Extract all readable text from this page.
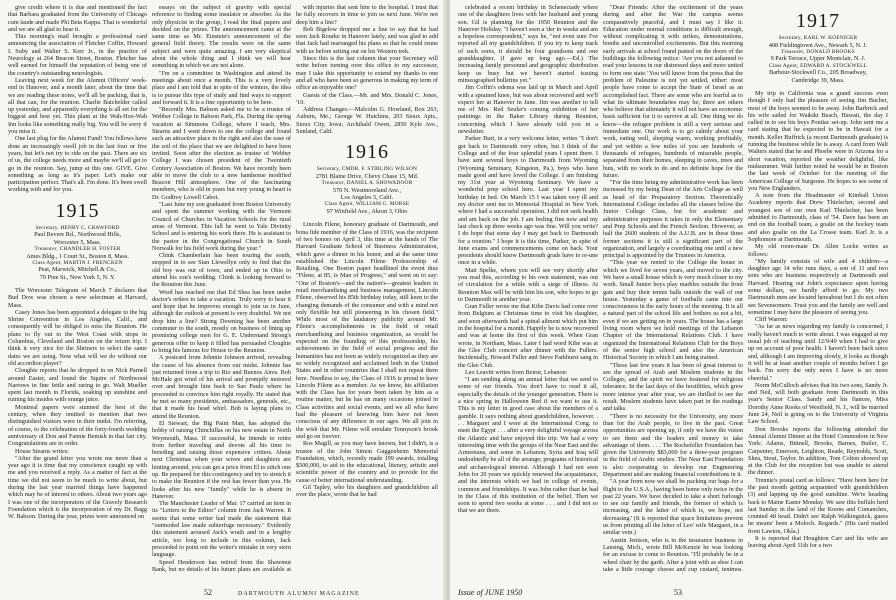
give credit where it is due and mentioned the fact that Barbara graduated from the University of Chicago cum laude and made Phi Beta Kappa. That is wonderful and we are all glad to hear it.

This morning's mail brought a professional card announcing the association of Fletcher Coffin, Howard I. Suby and Walter S. Kerr Jr., in the practice of Neurology at 264 Beacon Street, Boston. Fletcher has well earned for himself the reputation of being one of the country's outstanding neurologists.

Leaving next week for the Alumni Officers' week-end in Hanover, and a month later, about the time that we are reading these notes, we'll all be packing, that is, all that can, for the reunion. Charlie Batchelder called up yesterday, and apparently everything is all set for the biggest and best yet. This plant at the Wah-Hoo-Wah Inn looks like something really big. You will be sorry if you miss it.

One last plug for the Alumni Fund! You fellows have done an increasingly swell job in the last four or five years, but let's not try to ride on the past. There are six of us, the college needs more and maybe we'll all get to go in the reunion. Say, jump at this one. GIVE. Give something as long as it's paper. Let's make our participation perfect. That's all. I'm done. It's been swell working with and for you.

1915
Secretary, HENRY C. CRAWFORD
Paul Revere Rd., Northwood Hills,
Worcester 5, Mass.
Treasurer, CHANDLER H. FOSTER
Ames Bldg., 1 Court St., Boston 8, Mass.
Class Agent, MARTIN J. FRENCKEN
Peat, Marwick, Mitchell & Co.,
70 Pine St., New York 5, N. Y.

The Worcester Telegram of March 7 declares that Bud Dow was chosen a new selectman at Harvard, Mass.

Casey Jones has been appointed a delegate to the big Shrine Convention in Los Angeles, Calif., and consequently will be obliged to miss the Reunion. He plans to fly out to the West Coast with stops in Columbus, Cleveland and Boston on the return trip. I think it very nice for the Shriners to select the same dates we are using. Now what will we do without our old accordion player?

Cloughie reports that he dropped in on Nick Parnell around Easter, and found the Squire of Northwood Narrows in fine fettle and raring to go. Walt Mueller spent last month in Florida, soaking up sunshine and ruining his insides with orange juice.

Montreal papers were stunned the best of the century, when they omitted to mention that two distinguished visitors were in their midst. I'm referring, of course, to the celebration of the forty-fourth wedding anniversary of Don and Fannie Bemish in that fair city. Congratulations are in order.

House Stearns writes:

"After the grand letter you wrote me more than a year ago it is time that my conscience caught up with me and you received a reply. As a matter of fact at the time we did not seem to be much to write about, but during the last year married things have happened which may be of interest to others. About two years ago I was one of the incorporators of the Gravely Research Foundation which is the incorporation of my Dr. Bagg W. Babson. During the year, prizes were announced on

essays on the subject of gravity with special reference to finding some insulator or absorber. As the only physicist in the group, I read the final papers and decided on the prizes. The announcement came at the same time as Mr. Einstein's announcement of the general field theory. The results were on the same subject and were quite amazing. I am very skeptical about the whole thing and I think we will hear something in which we are not alone.

"I'm on a committee in Washington and attend its meetings about once a month. This is a very lovely place and I am told that in spite of the winters, the idea is to pursue this type of study and find ways to support and forward it. It is a fine opportunity to be here.

"Recently Mrs. Babson asked me to be a trustee of Webber College in Babson Park, Fla. During the spring vacation at Simmons College, where I teach, Mrs. Stearns and I went down to see the college and found such an attractive place in the right and also the ease of the soil of the place that we are delighted to have been invited. Soon after the election as trustee of Webber College I was chosen president of the Twentieth Century Association of Boston. We have recently been able to move the club to a new handsome modified Beacon Hill atmosphere. One of the fascinating members, who is old in years but very young in heart is Dr. Godfrey Lowell Cabot.

"Last June my son graduated from Boston University and spent the summer working with the Vermont Council of Churches in Vacation Schools for the rural areas of Vermont. This fall he went to Yale Divinity School and is entering his work there. He is assistant to the pastor in the Congregational Church in South Norwalk for his field work during the year."

Chink Chamberlain has been touring the south, stopped in to see Stan Llewellyn only to find that the old boy was out of town, and ended up in Ohio to attend his son's wedding. Chink is looking forward to the Reunion this June.

Word has reached me that Ed Shea has been under doctor's orders to take a vacation. Truly sorry to hear it and hope that he improves enough to join us in June, although the outlook at present is very doubtful. We not drop him a line? Strong Downing has been another commuter to the south, mostly on business of lining up promising college men for G. E. Understand Strong's generous offer to keep it filled has persuaded Cloughie to bring his famous Ice House to the Reunion.

A postcard from Johnnie Johnson arrived, revealing the cause of his absence from our midst. Johnnie has just returned from a trip to Rio and Buenos Aires. Bob McHale got wind of his arrival and promptly motored over and brought him back to Sao Paulo where he proceeded to convince him right royally. He stated that he met so many presidents, ambassadors, generals, etc., that it made his head whirl. Bob is laying plans to attend the Reunion.

El Stewart, the Big Paint Man, has adopted the hobby of raising Chinchillas on his new estate in North Weymouth, Mass. If successful, he intends to retire from further traveling and devote all his time to breeding and raising those expensive critters. About next Christmas when your wives and daughters are hinting around, you can get a price from El to stitch one up. Be prepared for this contingency and try to stretch it to make the Reunion if the rest has fewer than you. He looks after his new "family" while he is absent in Hanover.

The Manchester Leader of Mar. 17 carried an item in its "Letters to the Editor" column from Jack Warren. It seems that some writer had made the statement that "outmoded law made subterfuge necessary." Evidently this statement aroused Jack's wrath and in a lengthy article, too long to include in this column, Jack proceeded to point out the writer's mistake in very stern language.

Speed Henderson has retired from the Shawmut Bank, but no details of his future plans are available at

with injuries that sent him to the hospital. I trust that he fully recovers in time to join us next June. We're not deep him a line?

Bob Bigelow dropped me a line to say that he had seen Jack Rourke in Hanover lately, and was glad to add that Jack had rearranged his plans so that he could reune with us before setting out on his Western trek.

Since this is the last column that your Secretary will write before turning over this office to my successor, may I take this opportunity to extend my thanks to one and all who have been so generous in making my term of office an enjoyable one?

Guests of the Class.—Mr. and Mrs. Donald C. Jones, '10.

Address Changes:—Malcolm G. Howland, Box 263, Auburn, Me.; George W. Hutchins, 203 Sioux Apts., Sioux City, Iowa; Archibald Owen, 2850 Kyle Ave., Sunland, Calif.

1916
Secretary, CMDR. F. STIRLING WILSON
2781 Blaine Drive, Chevy Chase 15, Md.
Treasurer, DANIEL A. SHOWADOOR
570 N. Westmoreland Ave.,
Los Angeles 5, Calif.
Class Agent, WILLIAM G. MORSE
97 Winfield Ave., Akron 3, Ohio

Lincoln Filene, honorary graduate of Dartmouth, and bona fide member of the Class of 1916, was the recipient of two honors on April 3, this time at the hands of The Harvard Graduate School of Business Administration, which gave a dinner in his honor, and at the same time established the Lincoln Filene Professorship of Retailing. One Boston paper headlined the event thus "Filene, at 85, is Man of Progress," and went on to say: "One of Boston's—and the nation's—greatest leaders in retail merchandising and business management, Lincoln Filene, observed his 85th birthday today, still keen to the changing demands of the consumer and with a mind not only flexible but still pioneering in his chosen field." While most of the laudatory publicity around Mr. Filene's accomplishments in the field of retail merchandising and business organization, as would be expected on the founding of this professorship, his achievements in the field of social progress and the humanities has not been as widely recognized as they are so widely recognized and acclaimed both in the United States and in other countries that I shall not repeat them here. Needless to say, the Class of 1916 is proud to have Lincoln Filene as a member. As we know, his affiliation with the Class has for years been taken by him as a routine matter, but he has on many occasions joined in Class activities and social events, and we all who have had the pleasure of knowing him have not been conscious of any difference in our ages. We all join in the wish that Mr. Filene will emulate Tennyson's brook and go on forever.

Ros Magill, as you may have known, but I didn't, is a trustee of the John Simon Guggenheim Memorial Foundation, which, recently made 199 awards, totalling $500,000, to aid to the educational, literary, artistic and scientific power of the country and to provide for the cause of better international understanding.

Gil Tapley, who his daughters and grandchildren all over the place, wrote that he had

52	DARTMOUTH ALUMNI MAGAZINE

celebrated a recent birthday in Schenectady where one of the daughters lives with her husband and young son. Gil is planning for the 1950 Reunion and the Hanover Holiday. "I haven't seen a 'der in weeks and am a hopeless correspondent," says he, "not even sure I've reported all my grandchildren. If you try to keep track of such sores, it should be four grandsons and one granddaughter. (I gave up long ago.—Ed.) The increasing family personnel and geographic distribution keep us busy but we haven't started issuing mimeographed bulletins yet."

Jim Coffin's edema was laid up in March and April with a sprained knee, but was about recovered and we'll expect her at Hanover in June. Jim was another to tell me of Mrs. Red Seuler's coming exhibition of her paintings in the Baker Library during Reunion, concerning which I have already told you in a newsletter.

Parker Burt, in a very welcome letter, writes "I don't get back to Dartmouth very often, but I think of the College and of the four splendid years I spent there. I have sent several boys to Dartmouth from Wyoming (Wyoming Seminary, Kingston, Pa.), boys who have made good and have loved the College. I am finishing my 31st year at Wyoming Seminary. We have a wonderful prep school here. Last year I spent my birthday in bed. On March 15 I was taken very ill and my doctor sent me to Memorial Hospital in New York where I had a successful operation. I did not seek health and am back on the job. I am feeling fine now and my last check up three weeks ago was fine. Will you write? I do hope that some day I may get back to Dartmouth for a reunion." I hope it is this time, Parker, in spite of June exams and commencements come on back. Your presidents should know Dartmouth grads have to re-une once in a while.

Matt Spelke, whom you will see very shortly after you read this, according to his own statement, was out of circulation for a while with a siege of illness. At Reunion Max will be with him his son, who hopes to go to Dartmouth in another year.

Gran Fuller wrote me that Kibe Davis had come over from Belgium at Christmas time to visit his daughter, and soon afterwards had a spinal ailment which put him in the hospital for a month. Happily he is now recovered and was at home the first of this week. When Gran wrote, in Northam, Mass. Later I had word Kibe was at the Glee Club concert after dinner with the Fullers. Incidentally, Howard Fuller and Steve Parkhurst sang in the Glee Club.

Leo Leavitt writes from Beirut, Lebanon:

"I am sending along an annual letter that we send to some of our friends. You don't have to read it all, especially the details of the younger generation. There is a nice spring in Halloween Red if we want to use it. This is my letter in good case about the members of a gamble. It says nothing about grandchildren, however. . . . Margaret and I were at the International Cong. to meet the Egypt . . . after a very delightful voyage across the Atlantic and have enjoyed this trip. We had a very interesting time with the groups of the Near East and the Armenians, and some in Lebanon, Syria and Iraq will undoubtedly be all of the arrange; programs of historical and archaeological interest. Although I had not seen John for 20 years we quickly renewed the acquaintance, and the interests which we had in college of events, common and friendships. It was John rather than he had in the Class of this institution of the belief. Then we soon to spend two weeks at some . . . and I did not so that we are there.

"Dear Friends: After the excitement of the years during and after the War the campus seems comparatively peaceful, and I must say I like it. Education under normal conditions is difficult enough, without complicating it with strikes, demonstrations, bombs and uncontrolled excitements. But this morning early arrivals at school found pasted on the doors of the buildings the following notice: 'Are you not ashamed to read your lessons in our distressed days and more united to form one state.' You will know from the press that the problem of Palestine is not yet settled, either: most people have come to accept the State of Israel as an accomplished fact. There are some who are fearful as to what its ultimate boundaries may be; there are others who believe that ultimately it will not have an economic basis sufficient for it to survive at all. One thing we do know—the refugee problem is still a very serious and immediate one. Our work is to go calmly about your work, eating well, sleeping warm, working profitably, and yet within a few miles of you are hundreds of thousands of refugees, hundreds of miserable people, separated from their homes, sleeping in caves, trees and huts, with no work to do and no definite hope for the future.

"For the time being my administrative work has been increased by my being Dean of the Arts College as well as head of the Preparatory Section. Theoretically International College includes all the classes below the Junior College Class, but for academic and administrative purposes it takes in only the Elementary and Prep Schools and the French Section. However, as half the 2600 students of the A.U.B. are in these three former sections it is still a significant part of the organization, and largely a coordinating one until a new principal is appointed by the Trustees in America.

"This year we rented to the College the house in which we lived for seven years, and moved to the city. We have a small house which is very much closer to my work. Small Junior boys play marbles outside the front gate and buy their tennis balls outside the wall of our house. Yesterday a game of footballs came into our consciousness in the early hours of the morning. It is all a natural part of the school life and bothers us not a bit, even if we are getting on in years. The house has a large living room where we hold meetings of the Lebanon Chapter of the International Relations Club. I have organized the International Relations Club for the Boys of the senior high school and also the American Historical Society in which I am being trained.

"These last few years it has been of great interest to see the spread of Arab and Moslem students in the Colleges, and the spirit we have fostered for religious tolerance. In the last days of the hostilities, which grew more intense year after year, we are thrilled to see the result. Moslem students have taken part in the readings and talks.

"There is no necessity for the University, any more than for the Arab people, to live in the past. Great opportunities are opening up, if only we have the vision to see them and the leaders and money to take advantage of them. . . . The Rockefeller Foundation has given the University $83,000 for a three-year program in the field of Arabic studies. The Near East Foundation is also cooperating to develop our Engineering Department and are making financial contributions in it.

"A year from now we shall be packing our bags for a flight to the U.S.A., having been home only twice in the past 22 years. We have decided to take a short furlough to see our family and friends, the former of which is increasing, and the latter of which is, we hope, not decreasing.' (It is reported that space limitations prevent us from printing all the letter of Leo' wife Margaret, in a similar vein.)

Austin Jenison, who is in the insurance business in Lansing, Mich., wrote Bill McKenzie he was looking for an excuse to come to Reunion. "I'll probably be in a wheel chair by the garth. After a joint with as shoe I can take a little courage cheese and cup custard, tenimos.

1917
Secretary, KARL W. KOENIGER
408 Fieldingtown Ave., Newark 5, N. J.
Treasurer, DONALD BROOKS
9 Park Terrace, Upper Montclair, N. J.
Class Agent, EDWARD A. STOCKWELL
Barbour-Stockwell Co., 205 Broadway,
Cambridge 39, Mass.

My trip to California was a grand success even though I only had the pleasure of seeing Jim Bucher, most of the boys seemed to be away. John Barbrick and his wife sailed for Waikiki Beach, Hawaii, the day I called in to see his boys Pontiac set-up. John sent me a card stating that he expected to be in Hawaii for a month. Keller Buffrick (a recent Dartmouth graduate) is running the business while he is away. A card from Walt Walters stated that he and Phoebe were in Arizona for a short vacation, reported the weather delightful, like midsummer. Walt further noted he would be in Boston the last week of October for the meeting of the American College of Surgeons. He hopes to see some of you New Englanders.

A note from the Headmaster of Kimball Union Academy reports that Drew Thielscher, second and youngest son of our own Karl Thielscher, has been admitted to Dartmouth, class of '54. Dave has been an end on the football team, a goalie on the hockey team and also goalie on the La Crosse team. Karl Jr. is a Sophomore at Dartmouth.

My old room-mate Dr. Allen Locke writes as follows:

"My family consists of wife and 4 children—a daughter age 14 who runs days, a son of 11 and two sons who are business respectively at Dartmouth and Harvard. Hearing our John's expectance upon having some dollars, we hardly afford to go. My two Dartmouth men are located hereabout but I do not often see Sevensomere. Trust you and the family are well and sometime I may have the pleasure of seeing you.

Cliff Warren:

"As far as news regarding my family is concerned, I really haven't much to write about. I was engaged at my usual job of teaching until 12/9/49 when I had to give up on account of poor health. I haven't been back since and, although I am improving slowly, it looks as though it will be at least another couple of months before I go back. I'm sorry the only news I have is no more cheerful."

Norm McCulloch advises that his two sons, Sandy Jr. and Neil, will both graduate from Dartmouth in this year's Senior Class. Sandy and his fiancee, Miss Dorothy Anne Rooks of Westfield, N. J., will be married June 24, Neil is going on to the University of Virginia Law School.

Don Brooks reports the following attended the Annual Alumni Dinner at the Hotel Commodore in New York: Adams, Bittnell, Brooks, Barnes, Butler, C. Carpenter, Emerson, Leighton, Reade, Reynolds, Scott, Shea, Stout, Taylor. In addition, Tom Colton showed up at the Club for the reception but was unable to attend the dinner.

Trennie's postal card as follows: "Have been here for the past month getting acquainted with grandchildren (3) and lapping up the good sunshine. We're heading back to Maine Easter Monday. We saw this buffalo herd last Sunday in the land of the Koons and Comanches, counted 48 head. Didn't see Ralph Walkingstick, guess he means' been a Moloch. Regards." (His card mailed from Lawton, Okla.)

It is reported that Houghton Carr and his wife are leaving about April 11th for a two

Issue of JUNE 1950	53
